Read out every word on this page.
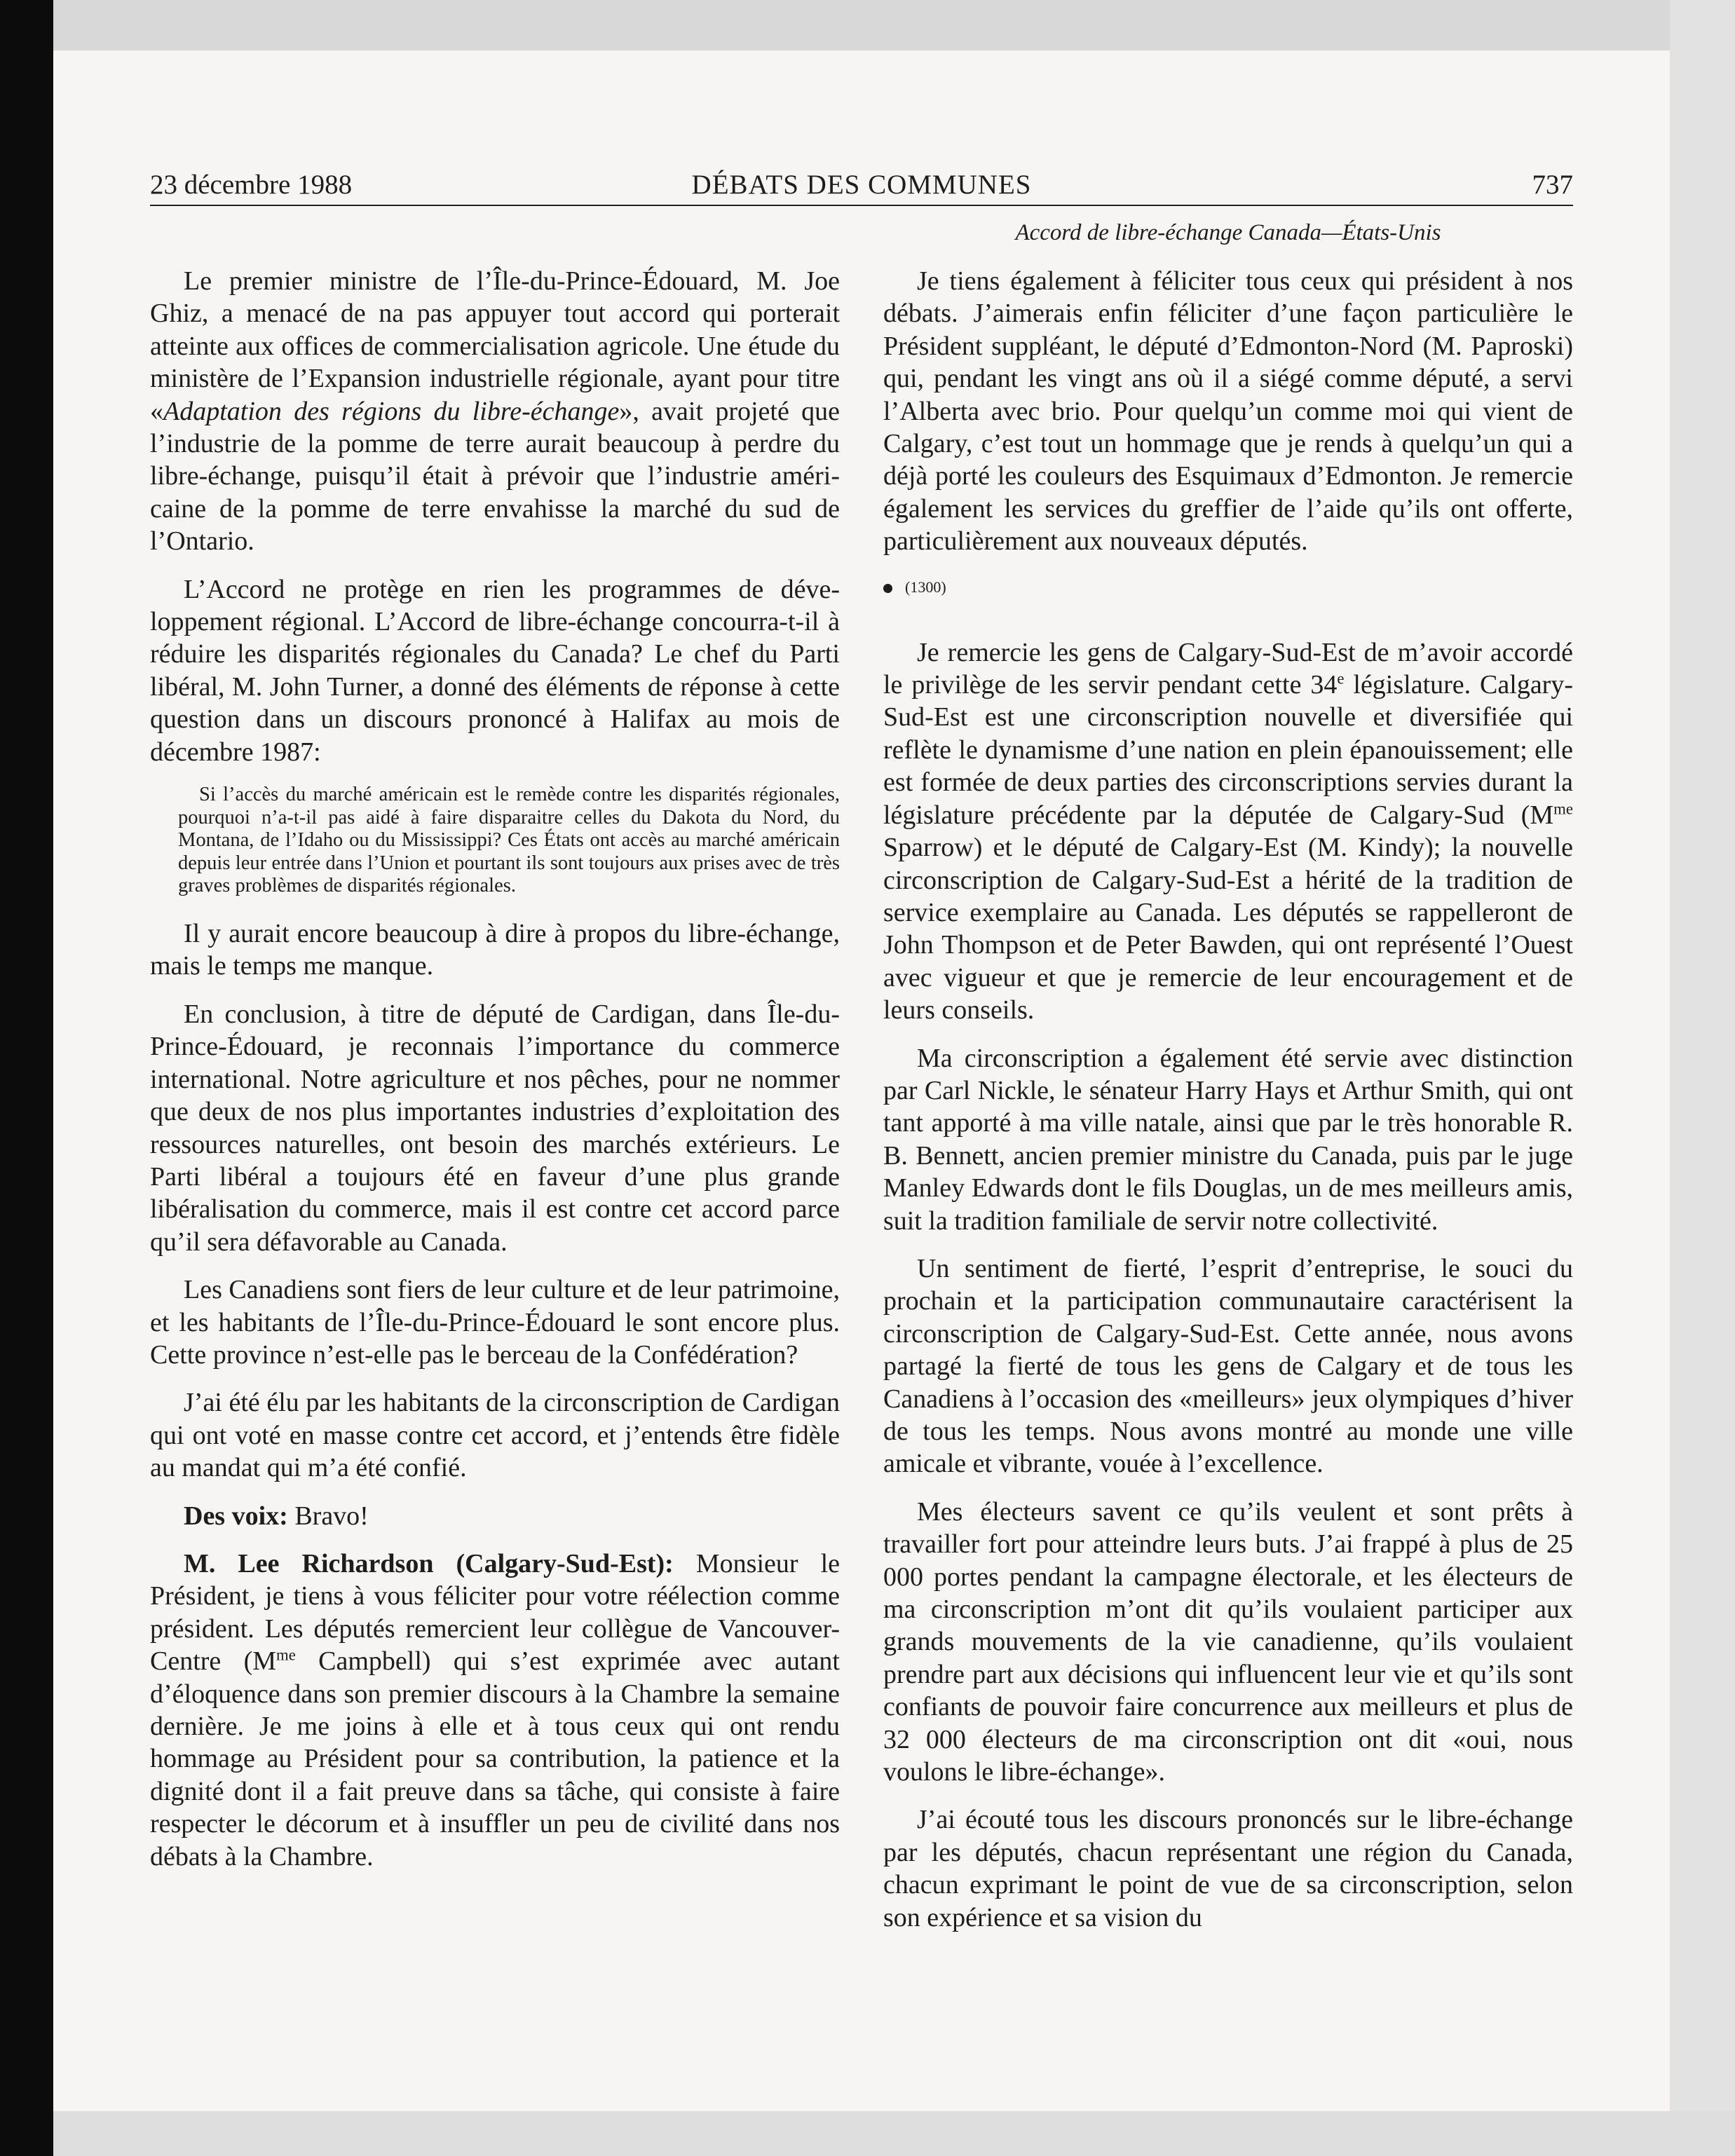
23 décembre 1988	DÉBATS DES COMMUNES	737
Accord de libre-échange Canada—États-Unis

Le premier ministre de l’Île-du-Prince-Édouard, M. Joe Ghiz, a menacé de na pas appuyer tout accord qui porterait atteinte aux offices de commercialisation agricole. Une étude du ministère de l’Expansion industrielle régionale, ayant pour titre «Adaptation des régions du libre-échange», avait projeté que l’industrie de la pomme de terre aurait beaucoup à perdre du libre-échange, puisqu’il était à prévoir que l’industrie américaine de la pomme de terre envahisse la marché du sud de l’Ontario.

L’Accord ne protège en rien les programmes de développement régional. L’Accord de libre-échange concourra-t-il à réduire les disparités régionales du Canada? Le chef du Parti libéral, M. John Turner, a donné des éléments de réponse à cette question dans un discours prononcé à Halifax au mois de décembre 1987:

Si l’accès du marché américain est le remède contre les disparités régionales, pourquoi n’a-t-il pas aidé à faire disparaitre celles du Dakota du Nord, du Montana, de l’Idaho ou du Mississippi? Ces États ont accès au marché américain depuis leur entrée dans l’Union et pourtant ils sont toujours aux prises avec de très graves problèmes de disparités régionales.

Il y aurait encore beaucoup à dire à propos du libre-échange, mais le temps me manque.

En conclusion, à titre de député de Cardigan, dans Île-du-Prince-Édouard, je reconnais l’importance du commerce international. Notre agriculture et nos pêches, pour ne nommer que deux de nos plus importantes industries d’exploitation des ressources naturelles, ont besoin des marchés extérieurs. Le Parti libéral a toujours été en faveur d’une plus grande libéralisation du commerce, mais il est contre cet accord parce qu’il sera défavorable au Canada.

Les Canadiens sont fiers de leur culture et de leur patrimoine, et les habitants de l’Île-du-Prince-Édouard le sont encore plus. Cette province n’est-elle pas le berceau de la Confédération?

J’ai été élu par les habitants de la circonscription de Cardigan qui ont voté en masse contre cet accord, et j’entends être fidèle au mandat qui m’a été confié.

Des voix: Bravo!

M. Lee Richardson (Calgary-Sud-Est): Monsieur le Président, je tiens à vous féliciter pour votre réélection comme président. Les députés remercient leur collègue de Vancouver-Centre ($M^{me}$ Campbell) qui s’est exprimée avec autant d’éloquence dans son premier discours à la Chambre la semaine dernière. Je me joins à elle et à tous ceux qui ont rendu hommage au Président pour sa contribution, la patience et la dignité dont il a fait preuve dans sa tâche, qui consiste à faire respecter le décorum et à insuffler un peu de civilité dans nos débats à la Chambre.

Je tiens également à féliciter tous ceux qui président à nos débats. J’aimerais enfin féliciter d’une façon particulière le Président suppléant, le député d’Edmonton-Nord (M. Paproski) qui, pendant les vingt ans où il a siégé comme député, a servi l’Alberta avec brio. Pour quelqu’un comme moi qui vient de Calgary, c’est tout un hommage que je rends à quelqu’un qui a déjà porté les couleurs des Esquimaux d’Edmonton. Je remercie également les services du greffier de l’aide qu’ils ont offerte, particulièrement aux nouveaux députés.

(1300)

Je remercie les gens de Calgary-Sud-Est de m’avoir accordé le privilège de les servir pendant cette 34e législature. Calgary-Sud-Est est une circonscription nouvelle et diversifiée qui reflète le dynamisme d’une nation en plein épanouissement; elle est formée de deux parties des circonscriptions servies durant la législature précédente par la députée de Calgary-Sud ($M^{me}$ Sparrow) et le député de Calgary-Est (M. Kindy); la nouvelle circonscription de Calgary-Sud-Est a hérité de la tradition de service exemplaire au Canada. Les députés se rappelleront de John Thompson et de Peter Bawden, qui ont représenté l’Ouest avec vigueur et que je remercie de leur encouragement et de leurs conseils.

Ma circonscription a également été servie avec distinction par Carl Nickle, le sénateur Harry Hays et Arthur Smith, qui ont tant apporté à ma ville natale, ainsi que par le très honorable R. B. Bennett, ancien premier ministre du Canada, puis par le juge Manley Edwards dont le fils Douglas, un de mes meilleurs amis, suit la tradition familiale de servir notre collectivité.

Un sentiment de fierté, l’esprit d’entreprise, le souci du prochain et la participation communautaire caractérisent la circonscription de Calgary-Sud-Est. Cette année, nous avons partagé la fierté de tous les gens de Calgary et de tous les Canadiens à l’occasion des «meilleurs» jeux olympiques d’hiver de tous les temps. Nous avons montré au monde une ville amicale et vibrante, vouée à l’excellence.

Mes électeurs savent ce qu’ils veulent et sont prêts à travailler fort pour atteindre leurs buts. J’ai frappé à plus de 25 000 portes pendant la campagne électorale, et les électeurs de ma circonscription m’ont dit qu’ils voulaient participer aux grands mouvements de la vie canadienne, qu’ils voulaient prendre part aux décisions qui influencent leur vie et qu’ils sont confiants de pouvoir faire concurrence aux meilleurs et plus de 32 000 électeurs de ma circonscription ont dit «oui, nous voulons le libre-échange».

J’ai écouté tous les discours prononcés sur le libre-échange par les députés, chacun représentant une région du Canada, chacun exprimant le point de vue de sa circonscription, selon son expérience et sa vision du
